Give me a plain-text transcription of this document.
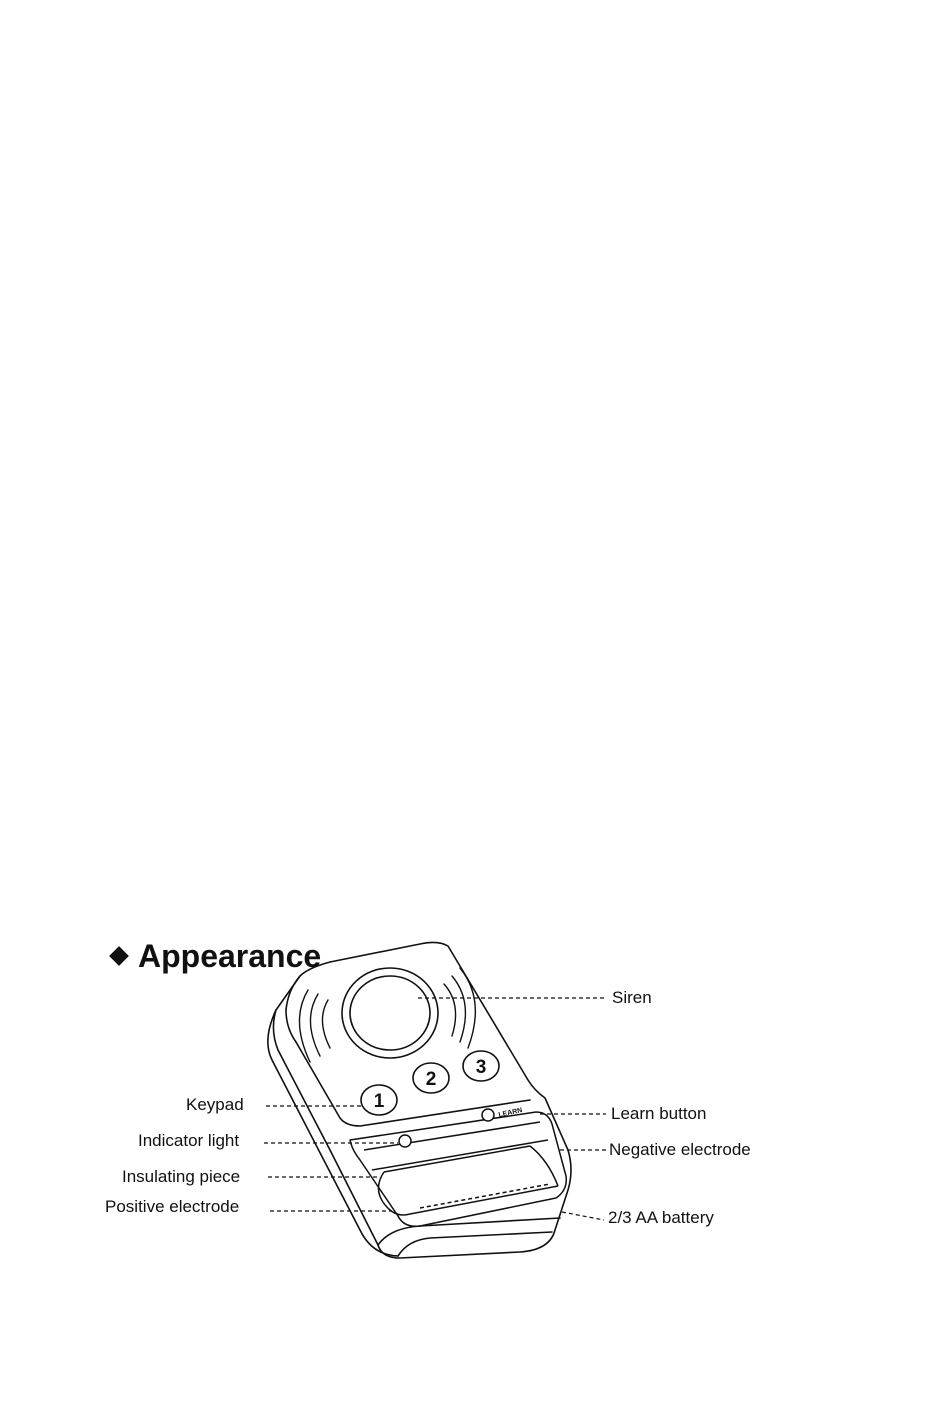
Appearance
1
2
3
LEARN
Siren
Keypad	Learn button
Indicator light	Negative electrode
Insulating piece
Positive electrode
2/3 AA battery
